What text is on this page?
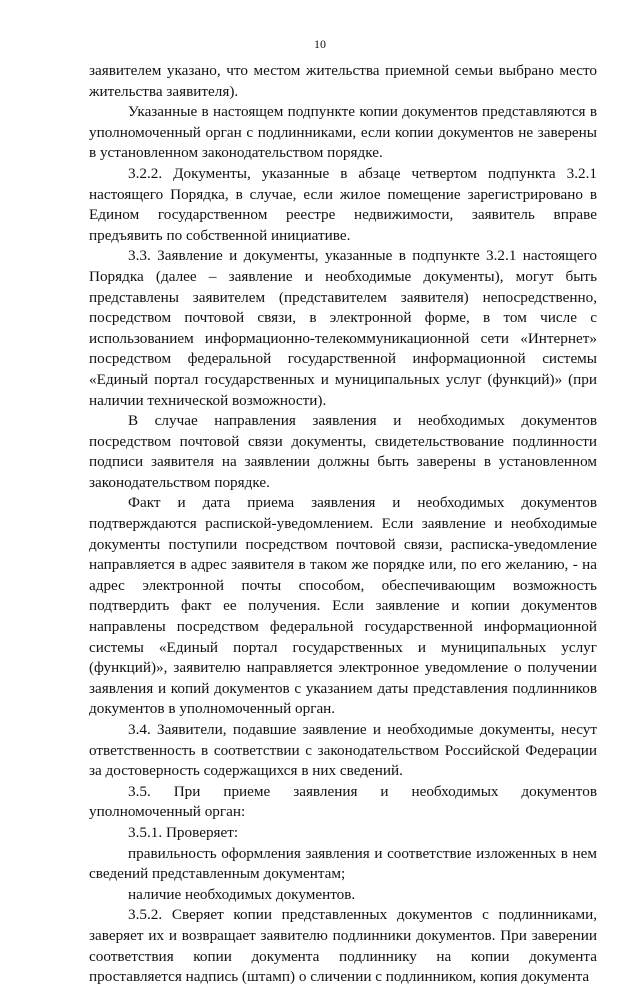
10

заявителем указано, что местом жительства приемной семьи выбрано место жительства заявителя).

Указанные в настоящем подпункте копии документов представляются в уполномоченный орган с подлинниками, если копии документов не заверены в установленном законодательством порядке.

3.2.2. Документы, указанные в абзаце четвертом подпункта 3.2.1 настоящего Порядка, в случае, если жилое помещение зарегистрировано в Едином государственном реестре недвижимости, заявитель вправе предъявить по собственной инициативе.

3.3. Заявление и документы, указанные в подпункте 3.2.1 настоящего Порядка (далее – заявление и необходимые документы), могут быть представлены заявителем (представителем заявителя) непосредственно, посредством почтовой связи, в электронной форме, в том числе с использованием информационно-телекоммуникационной сети «Интернет» посредством федеральной государственной информационной системы «Единый портал государственных и муниципальных услуг (функций)» (при наличии технической возможности).

В случае направления заявления и необходимых документов посредством почтовой связи документы, свидетельствование подлинности подписи заявителя на заявлении должны быть заверены в установленном законодательством порядке.

Факт и дата приема заявления и необходимых документов подтверждаются распиской-уведомлением. Если заявление и необходимые документы поступили посредством почтовой связи, расписка-уведомление направляется в адрес заявителя в таком же порядке или, по его желанию, - на адрес электронной почты способом, обеспечивающим возможность подтвердить факт ее получения. Если заявление и копии документов направлены посредством федеральной государственной информационной системы «Единый портал государственных и муниципальных услуг (функций)», заявителю направляется электронное уведомление о получении заявления и копий документов с указанием даты представления подлинников документов в уполномоченный орган.

3.4. Заявители, подавшие заявление и необходимые документы, несут ответственность в соответствии с законодательством Российской Федерации за достоверность содержащихся в них сведений.

3.5. При приеме заявления и необходимых документов уполномоченный орган:

3.5.1. Проверяет:

правильность оформления заявления и соответствие изложенных в нем сведений представленным документам;

наличие необходимых документов.

3.5.2. Сверяет копии представленных документов с подлинниками, заверяет их и возвращает заявителю подлинники документов. При заверении соответствия копии документа подлиннику на копии документа проставляется надпись (штамп) о сличении с подлинником, копия документа
